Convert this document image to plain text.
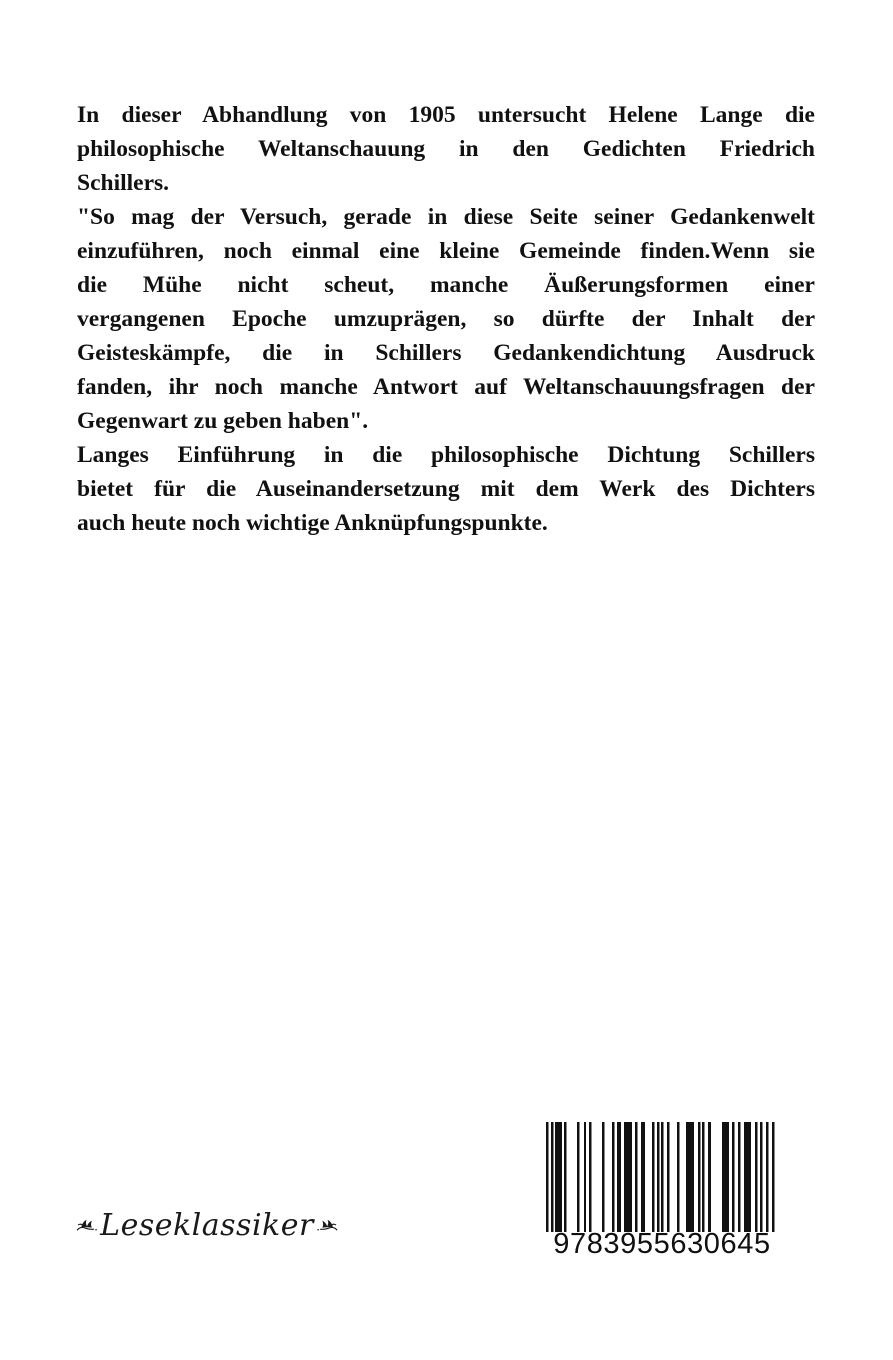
In dieser Abhandlung von 1905 untersucht Helene Lange die
philosophische Weltanschauung in den Gedichten Friedrich
Schillers.
"So mag der Versuch, gerade in diese Seite seiner Gedankenwelt
einzuführen, noch einmal eine kleine Gemeinde finden.Wenn sie
die Mühe nicht scheut, manche Äußerungsformen einer
vergangenen Epoche umzuprägen, so dürfte der Inhalt der
Geisteskämpfe, die in Schillers Gedankendichtung Ausdruck
fanden, ihr noch manche Antwort auf Weltanschauungsfragen der
Gegenwart zu geben haben".
Langes Einführung in die philosophische Dichtung Schillers
bietet für die Auseinandersetzung mit dem Werk des Dichters
auch heute noch wichtige Anknüpfungspunkte.
Leseklassiker
9783955630645
